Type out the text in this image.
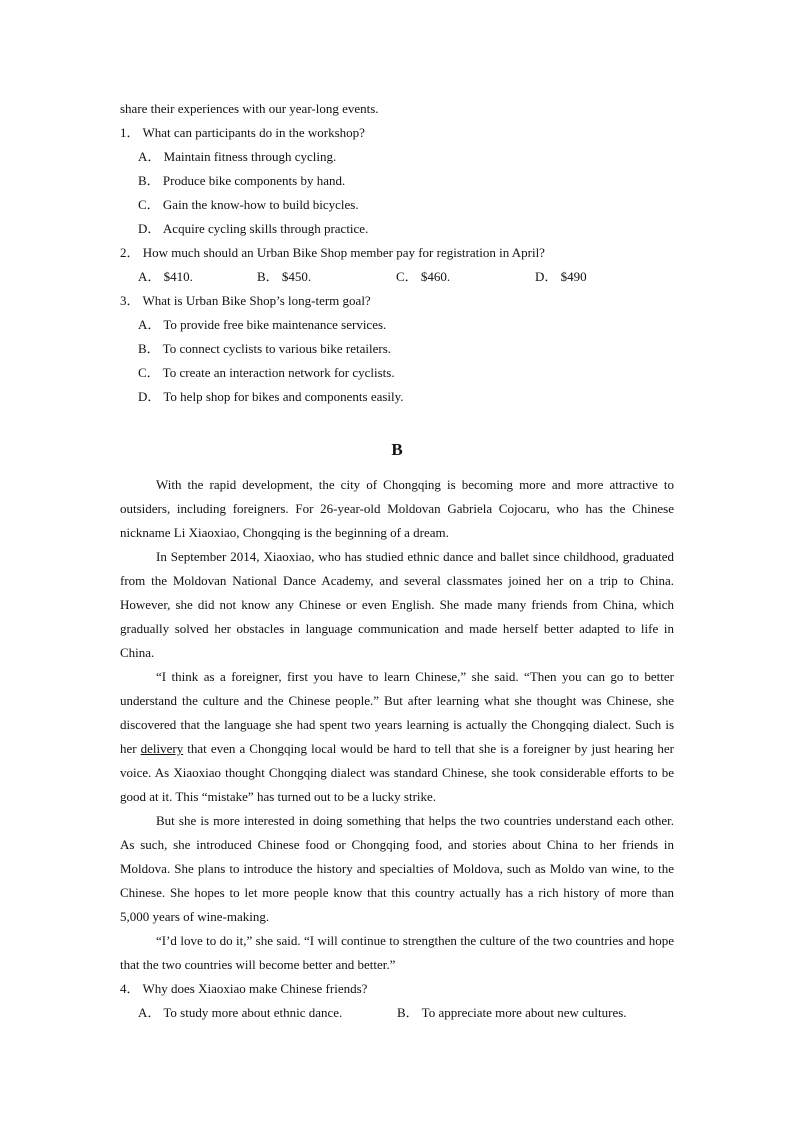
share their experiences with our year-long events.
1． What can participants do in the workshop?
A． Maintain fitness through cycling.
B． Produce bike components by hand.
C． Gain the know-how to build bicycles.
D． Acquire cycling skills through practice.
2． How much should an Urban Bike Shop member pay for registration in April?
A． $410.	B． $450.	C． $460.	D． $490
3． What is Urban Bike Shop’s long-term goal?
A． To provide free bike maintenance services.
B． To connect cyclists to various bike retailers.
C． To create an interaction network for cyclists.
D． To help shop for bikes and components easily.
B

With the rapid development, the city of Chongqing is becoming more and more attractive to outsiders, including foreigners. For 26-year-old Moldovan Gabriela Cojocaru, who has the Chinese nickname Li Xiaoxiao, Chongqing is the beginning of a dream.

In September 2014, Xiaoxiao, who has studied ethnic dance and ballet since childhood, graduated from the Moldovan National Dance Academy, and several classmates joined her on a trip to China. However, she did not know any Chinese or even English. She made many friends from China, which gradually solved her obstacles in language communication and made herself better adapted to life in China.

“I think as a foreigner, first you have to learn Chinese,” she said. “Then you can go to better understand the culture and the Chinese people.” But after learning what she thought was Chinese, she discovered that the language she had spent two years learning is actually the Chongqing dialect. Such is her delivery that even a Chongqing local would be hard to tell that she is a foreigner by just hearing her voice. As Xiaoxiao thought Chongqing dialect was standard Chinese, she took considerable efforts to be good at it. This “mistake” has turned out to be a lucky strike.

But she is more interested in doing something that helps the two countries understand each other. As such, she introduced Chinese food or Chongqing food, and stories about China to her friends in Moldova. She plans to introduce the history and specialties of Moldova, such as Moldo van wine, to the Chinese. She hopes to let more people know that this country actually has a rich history of more than 5,000 years of wine-making.

“I’d love to do it,” she said. “I will continue to strengthen the culture of the two countries and hope that the two countries will become better and better.”

4． Why does Xiaoxiao make Chinese friends?
A． To study more about ethnic dance.	B． To appreciate more about new cultures.
